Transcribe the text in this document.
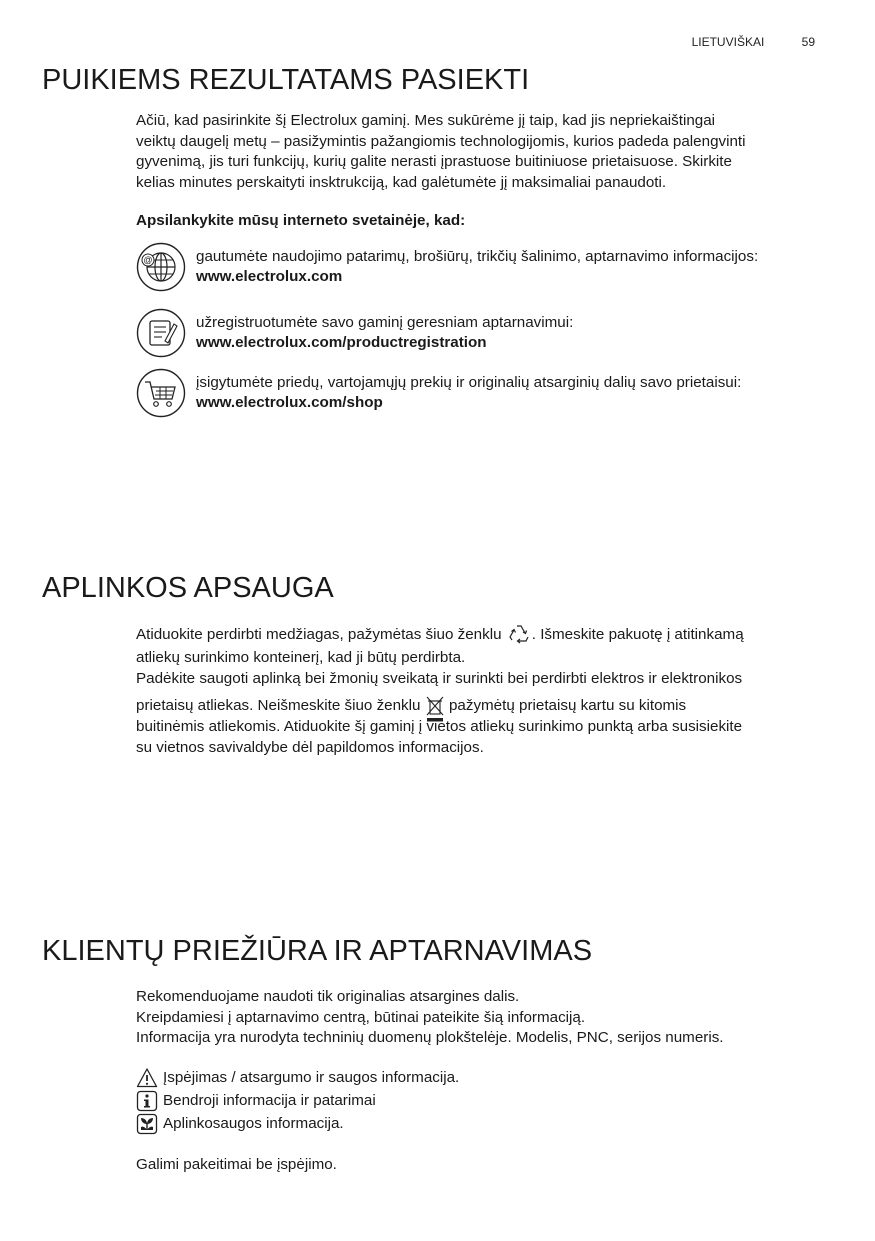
LIETUVIŠKAI	59
PUIKIEMS REZULTATAMS PASIEKTI

Ačiū, kad pasirinkite šį Electrolux gaminį. Mes sukūrėme jį taip, kad jis nepriekaištingai

veiktų daugelį metų – pasižymintis pažangiomis technologijomis, kurios padeda palengvinti

gyvenimą, jis turi funkcijų, kurių galite nerasti įprastuose buitiniuose prietaisuose. Skirkite

kelias minutes perskaityti insktrukciją, kad galėtumėte jį maksimaliai panaudoti.

Apsilankykite mūsų interneto svetainėje, kad:
@	gautumėte naudojimo patarimų, brošiūrų, trikčių šalinimo, aptarnavimo informacijos:
www.electrolux.com
užregistruotumėte savo gaminį geresniam aptarnavimui:
www.electrolux.com/productregistration
įsigytumėte priedų, vartojamųjų prekių ir originalių atsarginių dalių savo prietaisui:
www.electrolux.com/shop
APLINKOS APSAUGA

Atiduokite perdirbti medžiagas, pažymėtas šiuo ženklu . Išmeskite pakuotę į atitinkamą

atliekų surinkimo konteinerį, kad ji būtų perdirbta.

Padėkite saugoti aplinką bei žmonių sveikatą ir surinkti bei perdirbti elektros ir elektronikos

prietaisų atliekas. Neišmeskite šiuo ženklu pažymėtų prietaisų kartu su kitomis

buitinėmis atliekomis. Atiduokite šį gaminį į vietos atliekų surinkimo punktą arba susisiekite

su vietnos savivaldybe dėl papildomos informacijos.

KLIENTŲ PRIEŽIŪRA IR APTARNAVIMAS

Rekomenduojame naudoti tik originalias atsargines dalis.

Kreipdamiesi į aptarnavimo centrą, būtinai pateikite šią informaciją.

Informacija yra nurodyta techninių duomenų plokštelėje. Modelis, PNC, serijos numeris.

Įspėjimas / atsargumo ir saugos informacija.
Bendroji informacija ir patarimai
Aplinkosaugos informacija.
Galimi pakeitimai be įspėjimo.
